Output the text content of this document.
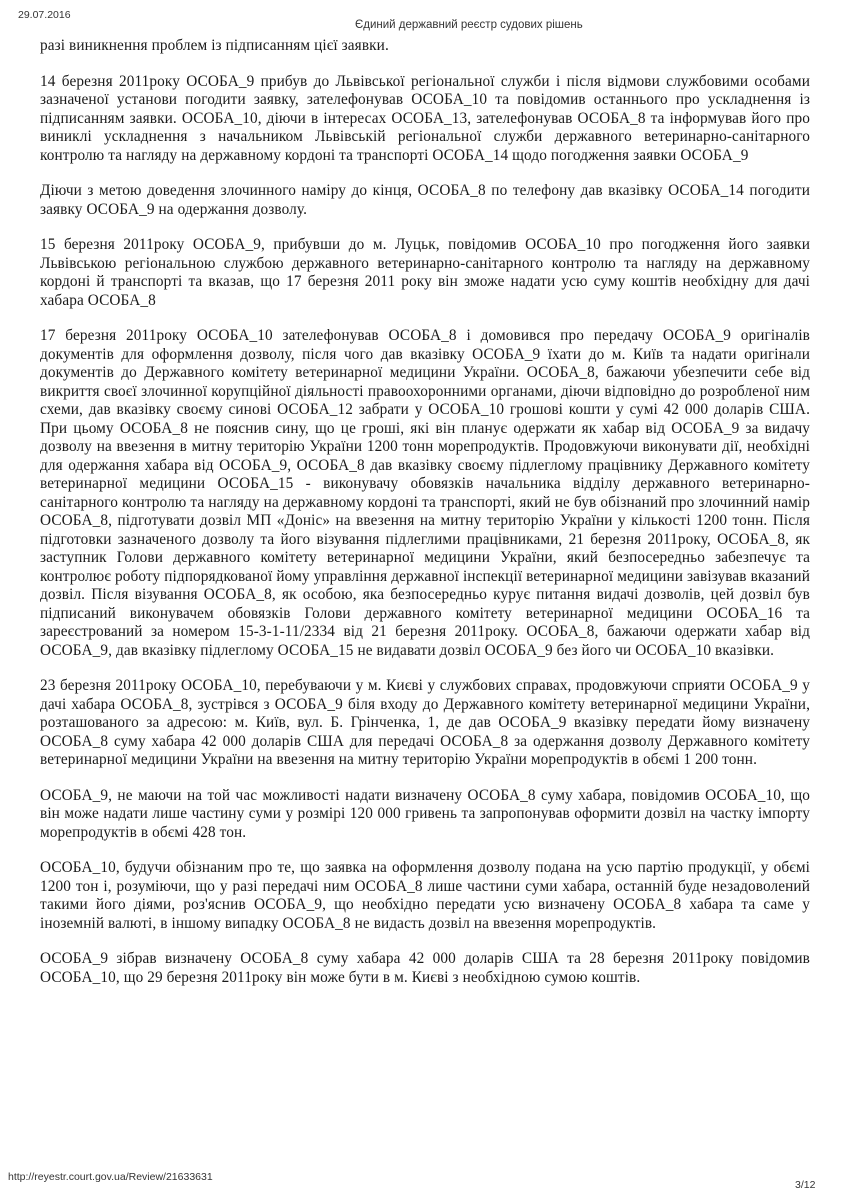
29.07.2016
Єдиний державний реєстр судових рішень

разі виникнення проблем із підписанням цієї заявки.

14 березня 2011року ОСОБА_9 прибув до Львівської регіональної служби і після відмови службовими особами зазначеної установи погодити заявку, зателефонував ОСОБА_10 та повідомив останнього про ускладнення із підписанням заявки. ОСОБА_10, діючи в інтересах ОСОБА_13, зателефонував ОСОБА_8 та інформував його про виниклі ускладнення з начальником Львівській регіональної служби державного ветеринарно-санітарного контролю та нагляду на державному кордоні та транспорті ОСОБА_14 щодо погодження заявки ОСОБА_9

Діючи з метою доведення злочинного наміру до кінця, ОСОБА_8 по телефону дав вказівку ОСОБА_14 погодити заявку ОСОБА_9 на одержання дозволу.

15 березня 2011року ОСОБА_9, прибувши до м. Луцьк, повідомив ОСОБА_10 про погодження його заявки Львівською регіональною службою державного ветеринарно-санітарного контролю та нагляду на державному кордоні й транспорті та вказав, що 17 березня 2011 року він зможе надати усю суму коштів необхідну для дачі хабара ОСОБА_8

17 березня 2011року ОСОБА_10 зателефонував ОСОБА_8 і домовився про передачу ОСОБА_9 оригіналів документів для оформлення дозволу, після чого дав вказівку ОСОБА_9 їхати до м. Київ та надати оригінали документів до Державного комітету ветеринарної медицини України. ОСОБА_8, бажаючи убезпечити себе від викриття своєї злочинної корупційної діяльності правоохоронними органами, діючи відповідно до розробленої ним схеми, дав вказівку своєму синові ОСОБА_12 забрати у ОСОБА_10 грошові кошти у сумі 42 000 доларів США. При цьому ОСОБА_8 не пояснив сину, що це гроші, які він планує одержати як хабар від ОСОБА_9 за видачу дозволу на ввезення в митну територію України 1200 тонн морепродуктів. Продовжуючи виконувати дії, необхідні для одержання хабара від ОСОБА_9, ОСОБА_8 дав вказівку своєму підлеглому працівнику Державного комітету ветеринарної медицини ОСОБА_15 - виконувачу обовязків начальника відділу державного ветеринарно-санітарного контролю та нагляду на державному кордоні та транспорті, який не був обізнаний про злочинний намір ОСОБА_8, підготувати дозвіл МП «Доніс» на ввезення на митну територію України у кількості 1200 тонн. Після підготовки зазначеного дозволу та його візування підлеглими працівниками, 21 березня 2011року, ОСОБА_8, як заступник Голови державного комітету ветеринарної медицини України, який безпосередньо забезпечує та контролює роботу підпорядкованої йому управління державної інспекції ветеринарної медицини завізував вказаний дозвіл. Після візування ОСОБА_8, як особою, яка безпосередньо курує питання видачі дозволів, цей дозвіл був підписаний виконувачем обовязків Голови державного комітету ветеринарної медицини ОСОБА_16 та зареєстрований за номером 15-3-1-11/2334 від 21 березня 2011року. ОСОБА_8, бажаючи одержати хабар від ОСОБА_9, дав вказівку підлеглому ОСОБА_15 не видавати дозвіл ОСОБА_9 без його чи ОСОБА_10 вказівки.

23 березня 2011року ОСОБА_10, перебуваючи у м. Києві у службових справах, продовжуючи сприяти ОСОБА_9 у дачі хабара ОСОБА_8, зустрівся з ОСОБА_9 біля входу до Державного комітету ветеринарної медицини України, розташованого за адресою: м. Київ, вул. Б. Грінченка, 1, де дав ОСОБА_9 вказівку передати йому визначену ОСОБА_8 суму хабара 42 000 доларів США для передачі ОСОБА_8 за одержання дозволу Державного комітету ветеринарної медицини України на ввезення на митну територію України морепродуктів в обємі 1 200 тонн.

ОСОБА_9, не маючи на той час можливості надати визначену ОСОБА_8 суму хабара, повідомив ОСОБА_10, що він може надати лише частину суми у розмірі 120 000 гривень та запропонував оформити дозвіл на частку імпорту морепродуктів в обємі 428 тон.

ОСОБА_10, будучи обізнаним про те, що заявка на оформлення дозволу подана на усю партію продукції, у обємі 1200 тон і, розуміючи, що у разі передачі ним ОСОБА_8 лише частини суми хабара, останній буде незадоволений такими його діями, роз'яснив ОСОБА_9, що необхідно передати усю визначену ОСОБА_8 хабара та саме у іноземній валюті, в іншому випадку ОСОБА_8 не видасть дозвіл на ввезення морепродуктів.

ОСОБА_9 зібрав визначену ОСОБА_8 суму хабара 42 000 доларів США та 28 березня 2011року повідомив ОСОБА_10, що 29 березня 2011року він може бути в м. Києві з необхідною сумою коштів.

http://reyestr.court.gov.ua/Review/21633631
3/12
